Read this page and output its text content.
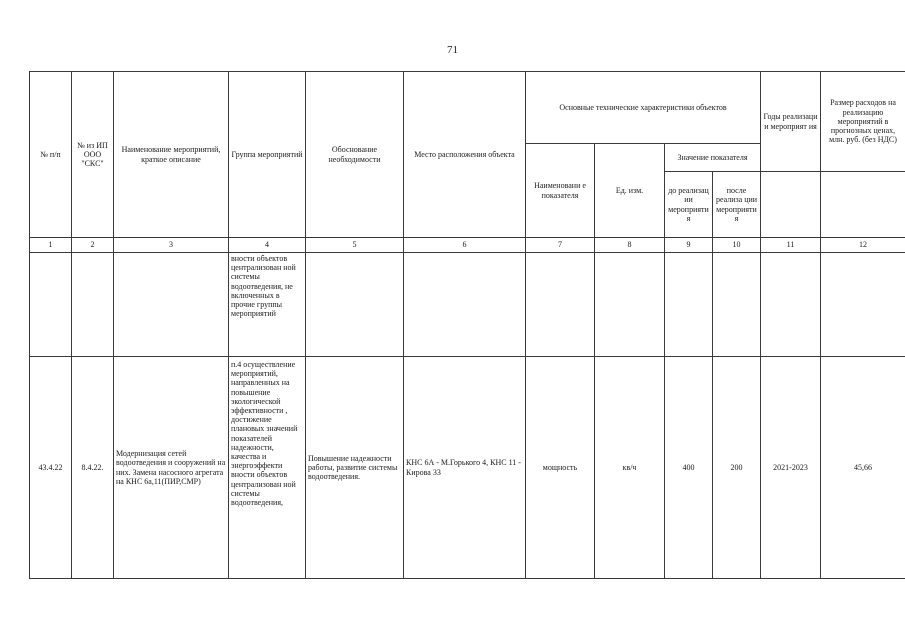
71
№ п/п	№ из ИП ООО "СКС"	Наименование мероприятий, краткое описание	Группа мероприятий	Обоснование необходимости	Место расположения объекта	Основные технические характеристики объектов				Годы реализаци и мероприят ия	Размер расходов на реализацию мероприятий в прогнозных ценах, млн. руб. (без НДС)
						Наименовани е показателя	Ед. изм.	Значение показателя			
								до реализац ии мероприятия	после реализа ции мероприятия		
1	2	3	4	5	6	7	8	9	10	11	12
			вности объектов централизован ной системы водоотведения, не включенных в прочие группы мероприятий								
43.4.22	8.4.22.	Модернизация сетей водоотведения и сооружений на них. Замена насосного агрегата на КНС 6а,11(ПИР,СМР)	п.4 осуществление мероприятий, направленных на повышение экологической эффективности , достижение плановых значений показателей надежности, качества и энергоэффекти вности объектов централизован ной системы водоотведения,	Повышение надежности работы, развитие системы водоотведения.	КНС 6А - М.Горького 4, КНС 11 - Кирова 33	мощность	кв/ч	400	200	2021-2023	45,66
